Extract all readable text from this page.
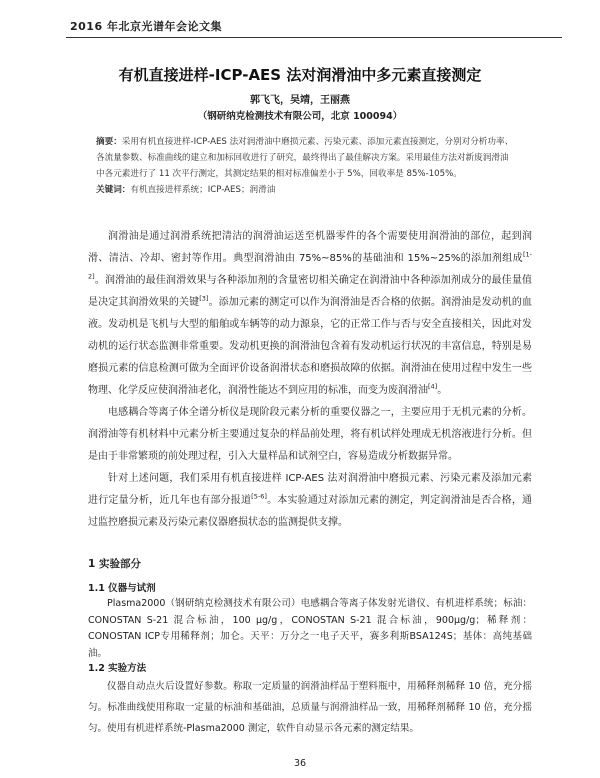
2016 年北京光谱年会论文集
有机直接进样-ICP-AES 法对润滑油中多元素直接测定
郭飞飞，吴靖，王丽燕
（钢研纳克检测技术有限公司，北京 100094）

摘要：采用有机直接进样-ICP-AES 法对润滑油中磨损元素、污染元素、添加元素直接测定，分别对分析功率、各流量参数、标准曲线的建立和加标回收进行了研究，最终得出了最佳解决方案。采用最佳方法对新废润滑油中各元素进行了 11 次平行测定，其测定结果的相对标准偏差小于 5%，回收率是 85%-105%。

关键词：有机直接进样系统；ICP-AES；润滑油

润滑油是通过润滑系统把清洁的润滑油运送至机器零件的各个需要使用润滑油的部位，起到润滑、清洁、冷却、密封等作用。典型润滑油由 75%~85%的基础油和 15%~25%的添加剂组成[1-2]。润滑油的最佳润滑效果与各种添加剂的含量密切相关确定在润滑油中各种添加剂成分的最佳量值是决定其润滑效果的关键[3]。添加元素的测定可以作为润滑油是否合格的依据。润滑油是发动机的血液。发动机是飞机与大型的船舶或车辆等的动力源泉，它的正常工作与否与安全直接相关，因此对发动机的运行状态监测非常重要。发动机更换的润滑油包含着有发动机运行状况的丰富信息，特别是易磨损元素的信息检测可做为全面评价设备润滑状态和磨损故障的依据。润滑油在使用过程中发生一些物理、化学反应使润滑油老化，润滑性能达不到应用的标准，而变为废润滑油[4]。

电感耦合等离子体全谱分析仪是现阶段元素分析的重要仪器之一，主要应用于无机元素的分析。润滑油等有机材料中元素分析主要通过复杂的样品前处理，将有机试样处理成无机溶液进行分析。但是由于非常繁琐的前处理过程，引入大量样品和试剂空白，容易造成分析数据异常。

针对上述问题，我们采用有机直接进样 ICP-AES 法对润滑油中磨损元素、污染元素及添加元素进行定量分析，近几年也有部分报道[5-6]。本实验通过对添加元素的测定，判定润滑油是否合格，通过监控磨损元素及污染元素仪器磨损状态的监测提供支撑。

1 实验部分
1.1 仪器与试剂

Plasma2000（钢研纳克检测技术有限公司）电感耦合等离子体发射光谱仪、有机进样系统；标油：CONOSTAN S-21 混合标油，100 μg/g，CONOSTAN S-21 混合标油，900μg/g；稀释剂：CONOSTAN ICP专用稀释剂；加仑。天平：万分之一电子天平，赛多利斯BSA124S；基体：高纯基础油。

1.2 实验方法

仪器自动点火后设置好参数。称取一定质量的润滑油样品于塑料瓶中，用稀释剂稀释 10 倍，充分摇匀。标准曲线使用称取一定量的标油和基础油，总质量与润滑油样品一致，用稀释剂稀释 10 倍，充分摇匀。使用有机进样系统-Plasma2000 测定，软件自动显示各元素的测定结果。

36
